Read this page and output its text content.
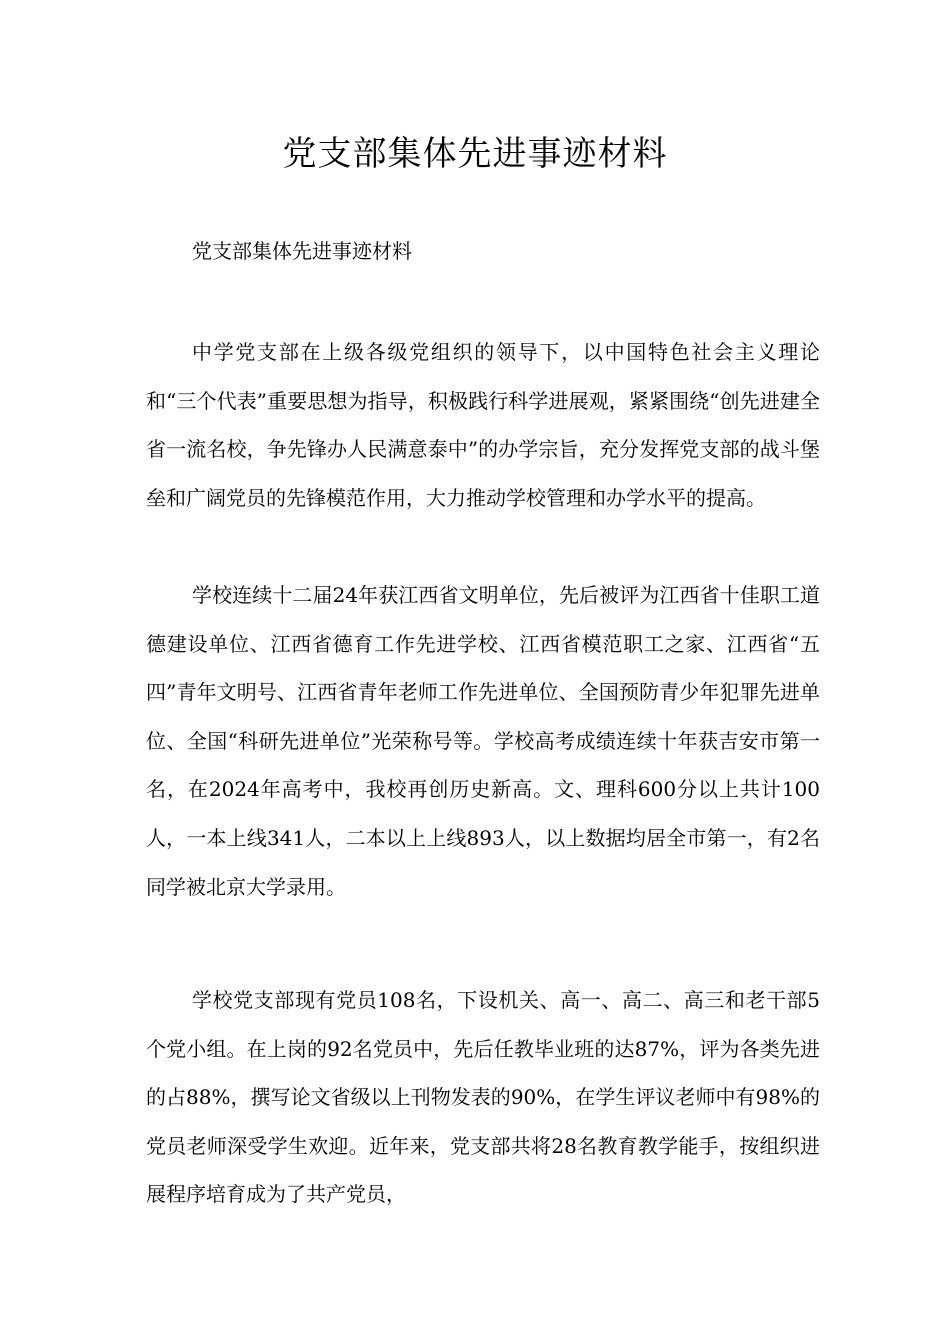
党支部集体先进事迹材料

党支部集体先进事迹材料

中学党支部在上级各级党组织的领导下，以中国特色社会主义理论和“三个代表”重要思想为指导，积极践行科学进展观，紧紧围绕“创先进建全省一流名校，争先锋办人民满意泰中”的办学宗旨，充分发挥党支部的战斗堡垒和广阔党员的先锋模范作用，大力推动学校管理和办学水平的提高。

学校连续十二届24年获江西省文明单位，先后被评为江西省十佳职工道德建设单位、江西省德育工作先进学校、江西省模范职工之家、江西省“五四”青年文明号、江西省青年老师工作先进单位、全国预防青少年犯罪先进单位、全国“科研先进单位”光荣称号等。学校高考成绩连续十年获吉安市第一名，在2024年高考中，我校再创历史新高。文、理科600分以上共计100人，一本上线341人，二本以上上线893人，以上数据均居全市第一，有2名同学被北京大学录用。

学校党支部现有党员108名，下设机关、高一、高二、高三和老干部5个党小组。在上岗的92名党员中，先后任教毕业班的达87%，评为各类先进的占88%，撰写论文省级以上刊物发表的90%，在学生评议老师中有98%的党员老师深受学生欢迎。近年来，党支部共将28名教育教学能手，按组织进展程序培育成为了共产党员，
